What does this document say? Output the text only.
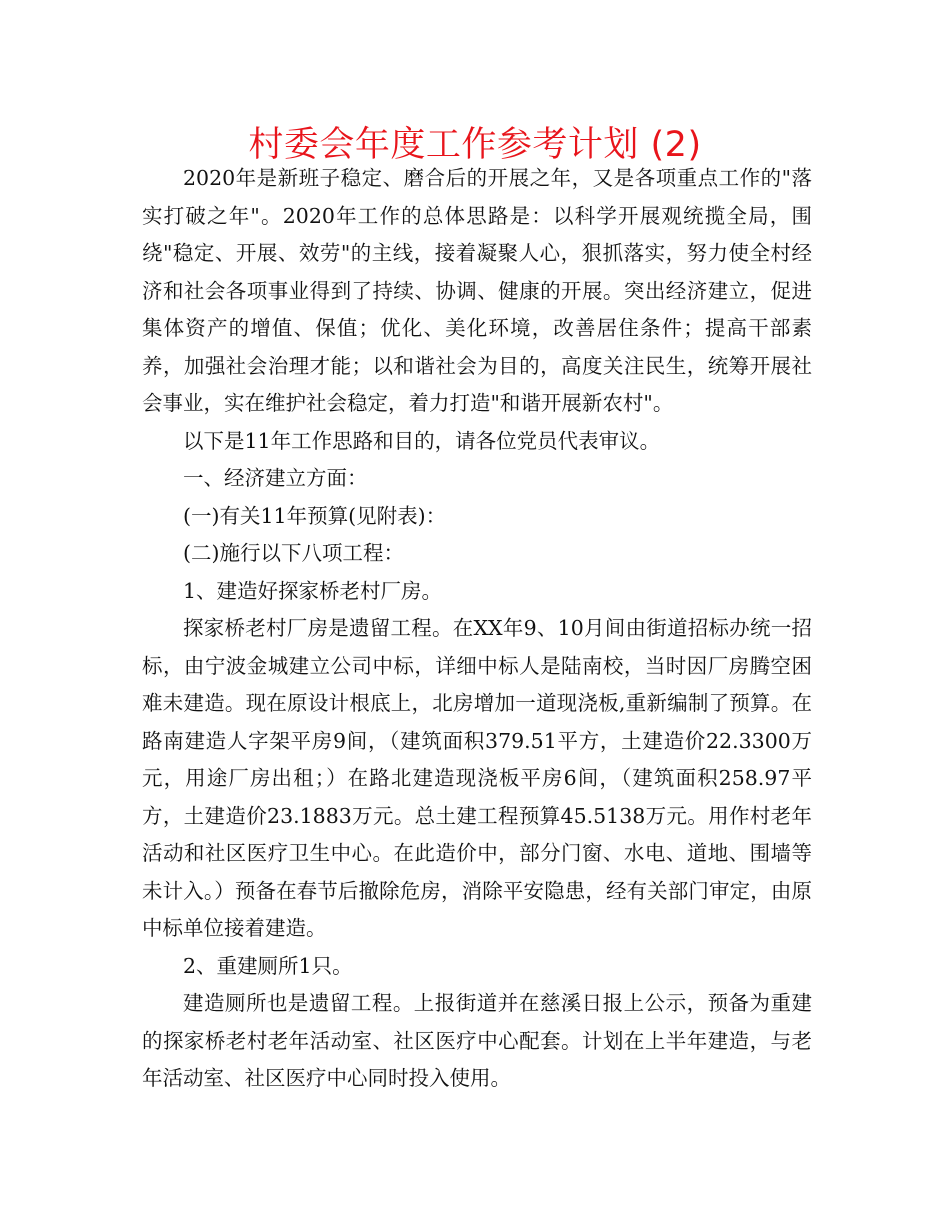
村委会年度工作参考计划 (2)

2020年是新班子稳定、磨合后的开展之年，又是各项重点工作的"落实打破之年"。2020年工作的总体思路是：以科学开展观统揽全局，围绕"稳定、开展、效劳"的主线，接着凝聚人心，狠抓落实，努力使全村经济和社会各项事业得到了持续、协调、健康的开展。突出经济建立，促进集体资产的增值、保值；优化、美化环境，改善居住条件；提高干部素养，加强社会治理才能；以和谐社会为目的，高度关注民生，统筹开展社会事业，实在维护社会稳定，着力打造"和谐开展新农村"。

以下是11年工作思路和目的，请各位党员代表审议。

一、经济建立方面：

(一)有关11年预算(见附表)：

(二)施行以下八项工程：

1、建造好探家桥老村厂房。

探家桥老村厂房是遗留工程。在XX年9、10月间由街道招标办统一招标，由宁波金城建立公司中标，详细中标人是陆南校，当时因厂房腾空困难未建造。现在原设计根底上，北房增加一道现浇板,重新编制了预算。在路南建造人字架平房9间，（建筑面积379.51平方，土建造价22.3300万元，用途厂房出租；）在路北建造现浇板平房6间，（建筑面积258.97平方，土建造价23.1883万元。总土建工程预算45.5138万元。用作村老年活动和社区医疗卫生中心。在此造价中，部分门窗、水电、道地、围墙等未计入。）预备在春节后撤除危房，消除平安隐患，经有关部门审定，由原中标单位接着建造。

2、重建厕所1只。

建造厕所也是遗留工程。上报街道并在慈溪日报上公示，预备为重建的探家桥老村老年活动室、社区医疗中心配套。计划在上半年建造，与老年活动室、社区医疗中心同时投入使用。
